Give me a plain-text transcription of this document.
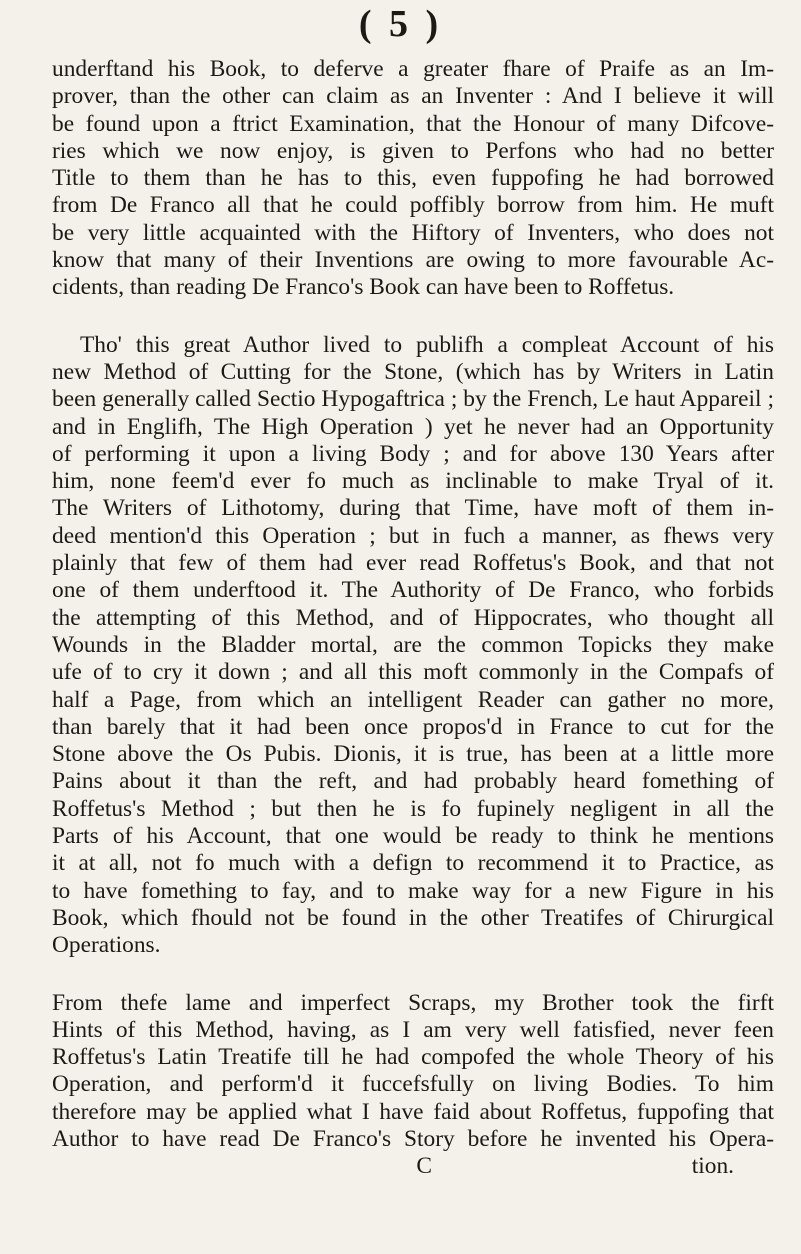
( 5 )
underftand his Book, to deferve a greater fhare of Praife as an Im-
prover, than the other can claim as an Inventer : And I believe it will
be found upon a ftrict Examination, that the Honour of many Difcove-
ries which we now enjoy, is given to Perfons who had no better
Title to them than he has to this, even fuppofing he had borrowed
from De Franco all that he could poffibly borrow from him. He muft
be very little acquainted with the Hiftory of Inventers, who does not
know that many of their Inventions are owing to more favourable Ac-
cidents, than reading De Franco's Book can have been to Roffetus.
Tho' this great Author lived to publifh a compleat Account of his
new Method of Cutting for the Stone, (which has by Writers in Latin
been generally called Sectio Hypogaftrica ; by the French, Le haut Appareil ;
and in Englifh, The High Operation ) yet he never had an Opportunity
of performing it upon a living Body ; and for above 130 Years after
him, none feem'd ever fo much as inclinable to make Tryal of it.
The Writers of Lithotomy, during that Time, have moft of them in-
deed mention'd this Operation ; but in fuch a manner, as fhews very
plainly that few of them had ever read Roffetus's Book, and that not
one of them underftood it. The Authority of De Franco, who forbids
the attempting of this Method, and of Hippocrates, who thought all
Wounds in the Bladder mortal, are the common Topicks they make
ufe of to cry it down ; and all this moft commonly in the Compafs of
half a Page, from which an intelligent Reader can gather no more,
than barely that it had been once propos'd in France to cut for the
Stone above the Os Pubis. Dionis, it is true, has been at a little more
Pains about it than the reft, and had probably heard fomething of
Roffetus's Method ; but then he is fo fupinely negligent in all the
Parts of his Account, that one would be ready to think he mentions
it at all, not fo much with a defign to recommend it to Practice, as
to have fomething to fay, and to make way for a new Figure in his
Book, which fhould not be found in the other Treatifes of Chirurgical
Operations.
From thefe lame and imperfect Scraps, my Brother took the firft
Hints of this Method, having, as I am very well fatisfied, never feen
Roffetus's Latin Treatife till he had compofed the whole Theory of his
Operation, and perform'd it fuccefsfully on living Bodies. To him
therefore may be applied what I have faid about Roffetus, fuppofing that
Author to have read De Franco's Story before he invented his Opera-
C	tion.
